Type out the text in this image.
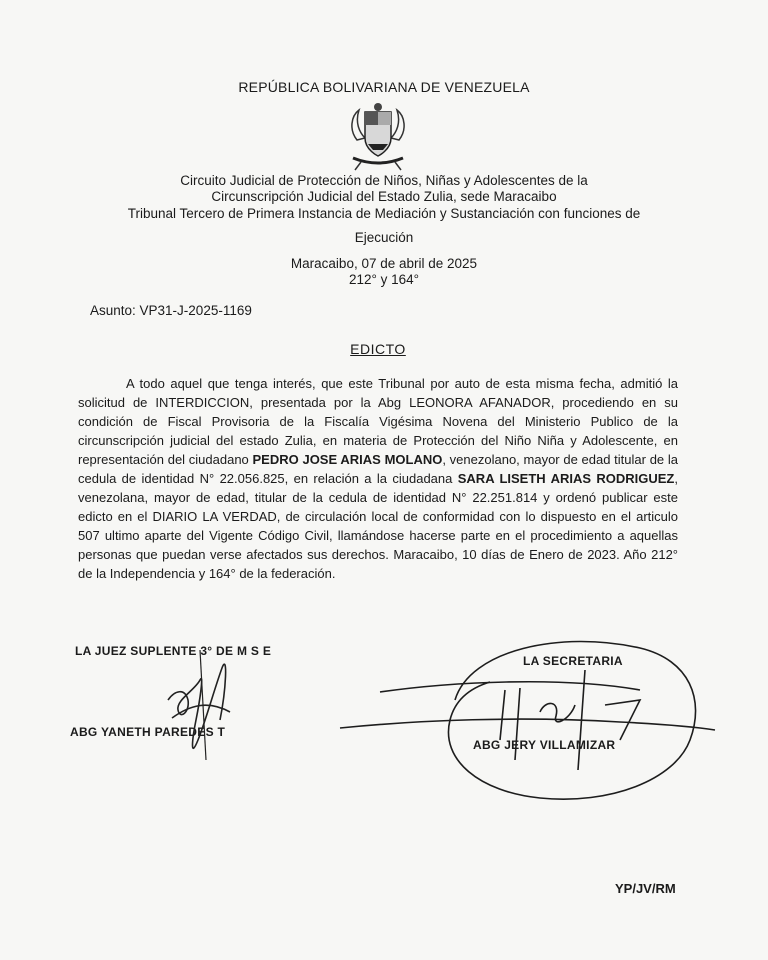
REPÚBLICA BOLIVARIANA DE VENEZUELA
Circuito Judicial de Protección de Niños, Niñas y Adolescentes de la
Circunscripción Judicial del Estado Zulia, sede Maracaibo
Tribunal Tercero de Primera Instancia de Mediación y Sustanciación con funciones de
Ejecución
Maracaibo, 07 de abril de 2025
212° y 164°
Asunto: VP31-J-2025-1169
EDICTO

A todo aquel que tenga interés, que este Tribunal por auto de esta misma fecha, admitió la solicitud de INTERDICCION, presentada por la Abg LEONORA AFANADOR, procediendo en su condición de Fiscal Provisoria de la Fiscalía Vigésima Novena del Ministerio Publico de la circunscripción judicial del estado Zulia, en materia de Protección del Niño Niña y Adolescente, en representación del ciudadano PEDRO JOSE ARIAS MOLANO, venezolano, mayor de edad titular de la cedula de identidad N° 22.056.825, en relación a la ciudadana SARA LISETH ARIAS RODRIGUEZ, venezolana, mayor de edad, titular de la cedula de identidad N° 22.251.814 y ordenó publicar este edicto en el DIARIO LA VERDAD, de circulación local de conformidad con lo dispuesto en el articulo 507 ultimo aparte del Vigente Código Civil, llamándose hacerse parte en el procedimiento a aquellas personas que puedan verse afectados sus derechos. Maracaibo, 10 días de Enero de 2023. Año 212° de la Independencia y 164° de la federación.

LA JUEZ SUPLENTE 3° DE M S E
ABG YANETH PAREDES T
LA SECRETARIA
ABG JERY VILLAMIZAR
YP/JV/RM
